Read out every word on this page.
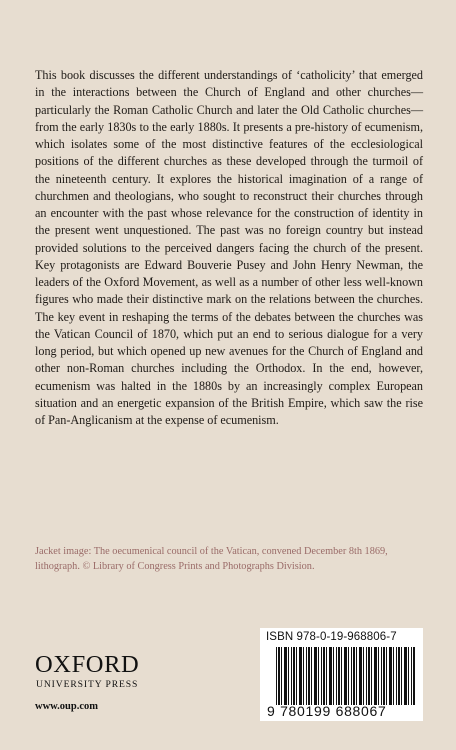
This book discusses the different understandings of ‘catholicity’ that emerged in the interactions between the Church of England and other churches—particularly the Roman Catholic Church and later the Old Catholic churches—from the early 1830s to the early 1880s. It presents a pre-history of ecumenism, which isolates some of the most distinctive features of the ecclesiological positions of the different churches as these developed through the turmoil of the nineteenth century. It explores the historical imagination of a range of churchmen and theologians, who sought to reconstruct their churches through an encounter with the past whose relevance for the construction of identity in the present went unquestioned. The past was no foreign country but instead provided solutions to the perceived dangers facing the church of the present. Key protagonists are Edward Bouverie Pusey and John Henry Newman, the leaders of the Oxford Movement, as well as a number of other less well-known figures who made their distinctive mark on the relations between the churches. The key event in reshaping the terms of the debates between the churches was the Vatican Council of 1870, which put an end to serious dialogue for a very long period, but which opened up new avenues for the Church of England and other non-Roman churches including the Orthodox. In the end, however, ecumenism was halted in the 1880s by an increasingly complex European situation and an energetic expansion of the British Empire, which saw the rise of Pan-Anglicanism at the expense of ecumenism.

Jacket image: The oecumenical council of the Vatican, convened December 8th 1869, lithograph. © Library of Congress Prints and Photographs Division.

OXFORD
UNIVERSITY PRESS
www.oup.com
ISBN 978-0-19-968806-7
9 780199 688067
